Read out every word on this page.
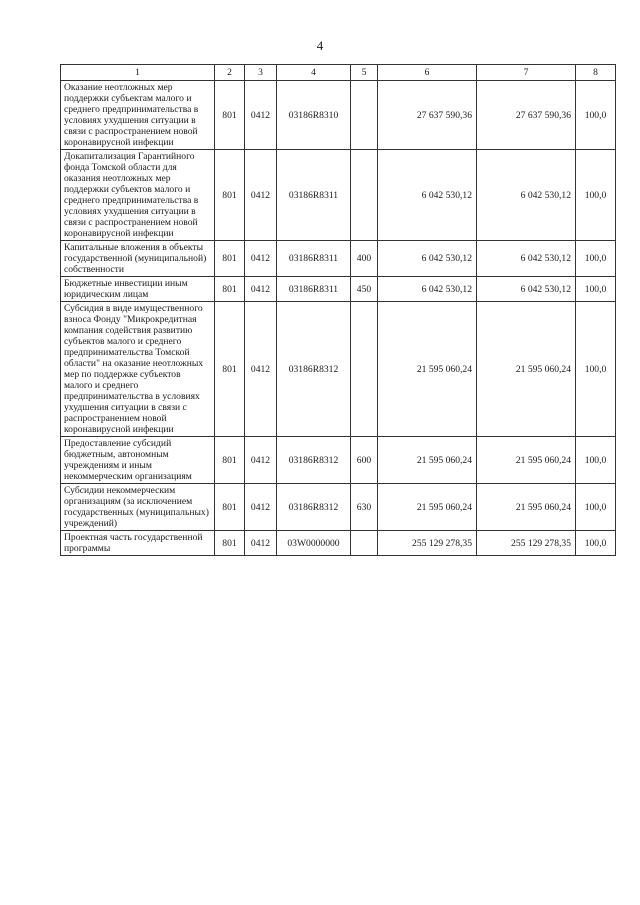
4
1	2	3	4	5	6	7	8
Оказание неотложных мер поддержки субъектам малого и среднего предпринимательства в условиях ухудшения ситуации в связи с распространением новой коронавирусной инфекции	801	0412	03186R8310		27 637 590,36	27 637 590,36	100,0
Докапитализация Гарантийного фонда Томской области для оказания неотложных мер поддержки субъектов малого и среднего предпринимательства в условиях ухудшения ситуации в связи с распространением новой коронавирусной инфекции	801	0412	03186R8311		6 042 530,12	6 042 530,12	100,0
Капитальные вложения в объекты государственной (муниципальной) собственности	801	0412	03186R8311	400	6 042 530,12	6 042 530,12	100,0
Бюджетные инвестиции иным юридическим лицам	801	0412	03186R8311	450	6 042 530,12	6 042 530,12	100,0
Субсидия в виде имущественного взноса Фонду "Микрокредитная компания содействия развитию субъектов малого и среднего предпринимательства Томской области" на оказание неотложных мер по поддержке субъектов малого и среднего предпринимательства в условиях ухудшения ситуации в связи с распространением новой коронавирусной инфекции	801	0412	03186R8312		21 595 060,24	21 595 060,24	100,0
Предоставление субсидий бюджетным, автономным учреждениям и иным некоммерческим организациям	801	0412	03186R8312	600	21 595 060,24	21 595 060,24	100,0
Субсидии некоммерческим организациям (за исключением государственных (муниципальных) учреждений)	801	0412	03186R8312	630	21 595 060,24	21 595 060,24	100,0
Проектная часть государственной программы	801	0412	03W0000000		255 129 278,35	255 129 278,35	100,0
